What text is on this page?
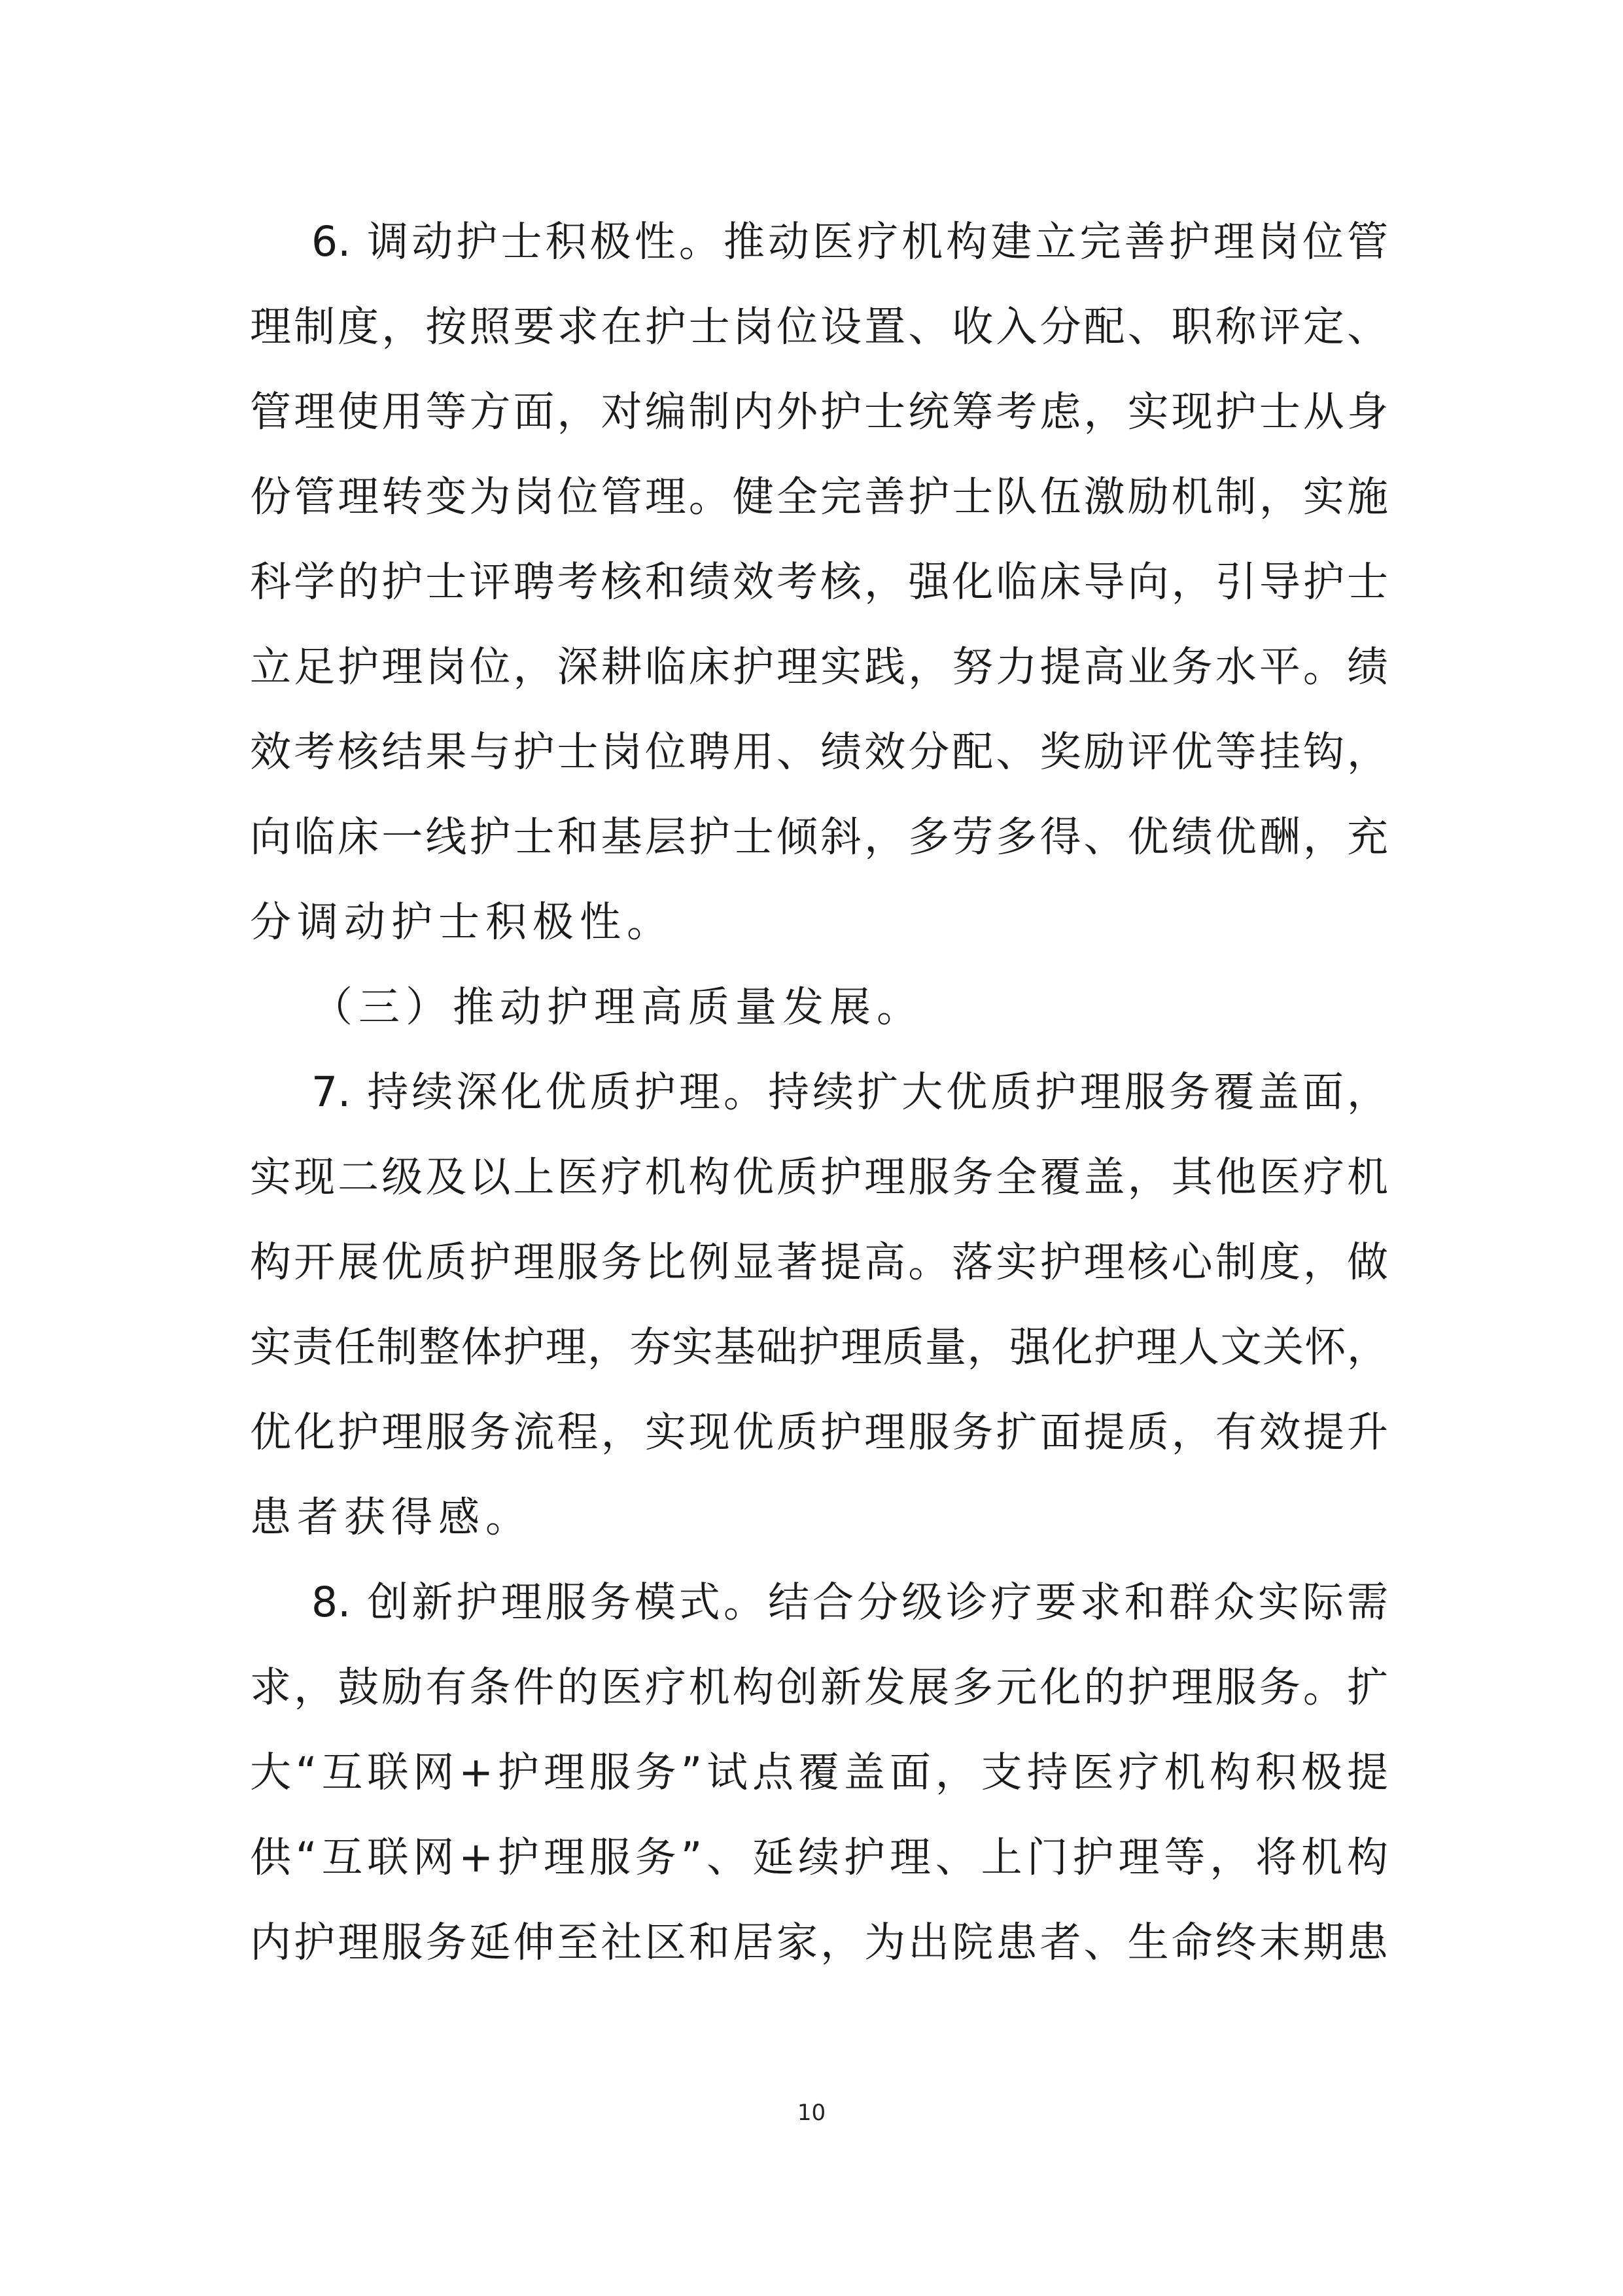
6. 调动护士积极性。推动医疗机构建立完善护理岗位管
理制度，按照要求在护士岗位设置、收入分配、职称评定、
管理使用等方面，对编制内外护士统筹考虑，实现护士从身
份管理转变为岗位管理。健全完善护士队伍激励机制，实施
科学的护士评聘考核和绩效考核，强化临床导向，引导护士
立足护理岗位，深耕临床护理实践，努力提高业务水平。绩
效考核结果与护士岗位聘用、绩效分配、奖励评优等挂钩，
向临床一线护士和基层护士倾斜，多劳多得、优绩优酬，充
分调动护士积极性。
（三）推动护理高质量发展。
7. 持续深化优质护理。持续扩大优质护理服务覆盖面，
实现二级及以上医疗机构优质护理服务全覆盖，其他医疗机
构开展优质护理服务比例显著提高。落实护理核心制度，做
实责任制整体护理，夯实基础护理质量，强化护理人文关怀，
优化护理服务流程，实现优质护理服务扩面提质，有效提升
患者获得感。
8. 创新护理服务模式。结合分级诊疗要求和群众实际需
求，鼓励有条件的医疗机构创新发展多元化的护理服务。扩
大“互联网+护理服务”试点覆盖面，支持医疗机构积极提
供“互联网+护理服务”、延续护理、上门护理等，将机构
内护理服务延伸至社区和居家，为出院患者、生命终末期患
10
